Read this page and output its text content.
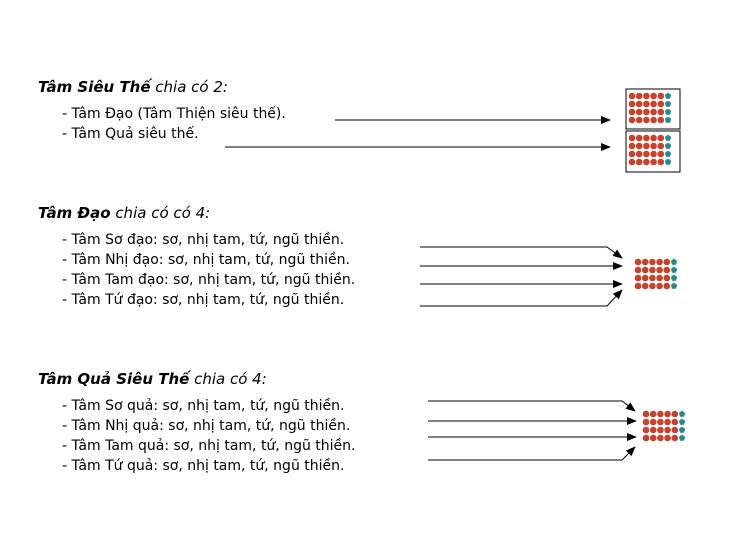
Tâm Siêu Thế chia có 2:
- Tâm Đạo (Tâm Thiện siêu thế).
- Tâm Quả siêu thế.
Tâm Đạo chia có có 4:
- Tâm Sơ đạo: sơ, nhị tam, tứ, ngũ thiền.
- Tâm Nhị đạo: sơ, nhị tam, tứ, ngũ thiền.
- Tâm Tam đạo: sơ, nhị tam, tứ, ngũ thiền.
- Tâm Tứ đạo: sơ, nhị tam, tứ, ngũ thiền.
Tâm Quả Siêu Thế chia có 4:
- Tâm Sơ quả: sơ, nhị tam, tứ, ngũ thiền.
- Tâm Nhị quả: sơ, nhị tam, tứ, ngũ thiền.
- Tâm Tam quả: sơ, nhị tam, tứ, ngũ thiền.
- Tâm Tứ quả: sơ, nhị tam, tứ, ngũ thiền.
